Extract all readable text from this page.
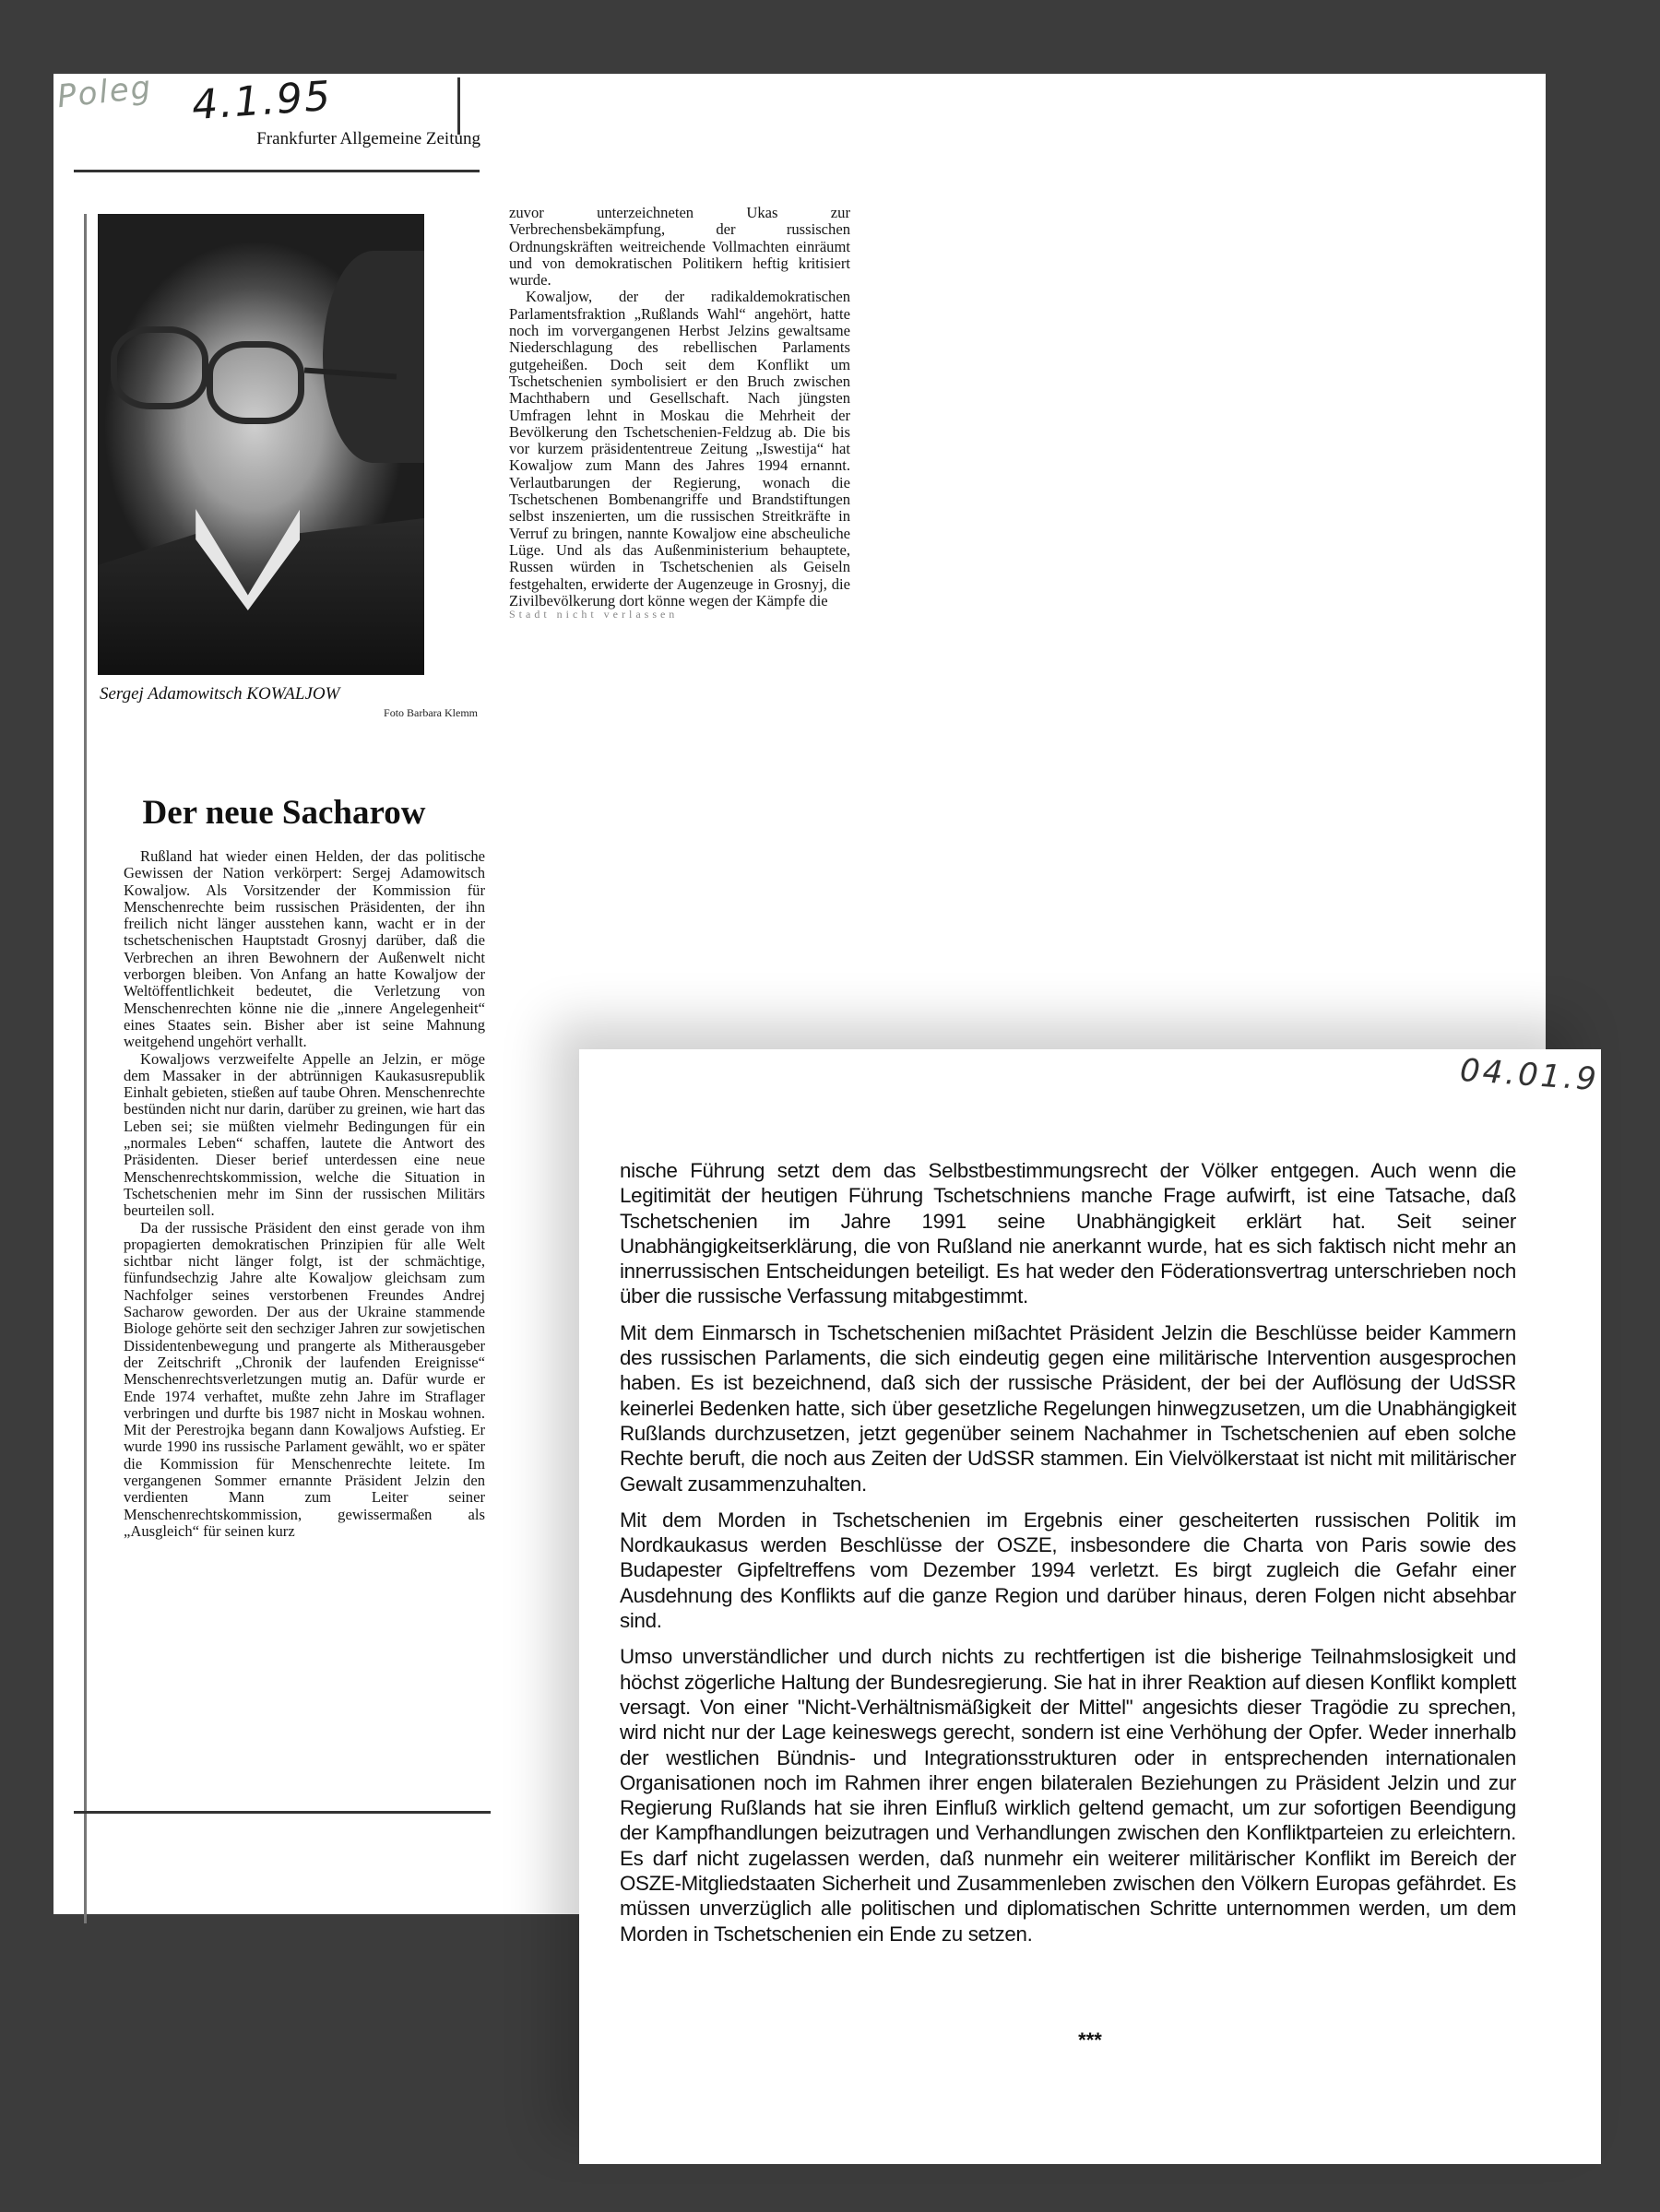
Poleg 4.1.95
Frankfurter Allgemeine Zeitung
Sergej Adamowitsch KOWALJOW
Foto Barbara Klemm
Der neue Sacharow

Rußland hat wieder einen Helden, der das politische Gewissen der Nation verkörpert: Sergej Adamowitsch Kowaljow. Als Vorsitzender der Kommission für Menschenrechte beim russischen Präsidenten, der ihn freilich nicht länger ausstehen kann, wacht er in der tschetschenischen Hauptstadt Grosnyj darüber, daß die Verbrechen an ihren Bewohnern der Außenwelt nicht verborgen bleiben. Von Anfang an hatte Kowaljow der Weltöffentlichkeit bedeutet, die Verletzung von Menschenrechten könne nie die „innere Angelegenheit“ eines Staates sein. Bisher aber ist seine Mahnung weitgehend ungehört verhallt.

Kowaljows verzweifelte Appelle an Jelzin, er möge dem Massaker in der abtrünnigen Kaukasusrepublik Einhalt gebieten, stießen auf taube Ohren. Menschenrechte bestünden nicht nur darin, darüber zu greinen, wie hart das Leben sei; sie müßten vielmehr Bedingungen für ein „normales Leben“ schaffen, lautete die Antwort des Präsidenten. Dieser berief unterdessen eine neue Menschenrechtskommission, welche die Situation in Tschetschenien mehr im Sinn der russischen Militärs beurteilen soll.

Da der russische Präsident den einst gerade von ihm propagierten demokratischen Prinzipien für alle Welt sichtbar nicht länger folgt, ist der schmächtige, fünfundsechzig Jahre alte Kowaljow gleichsam zum Nachfolger seines verstorbenen Freundes Andrej Sacharow geworden. Der aus der Ukraine stammende Biologe gehörte seit den sechziger Jahren zur sowjetischen Dissidentenbewegung und prangerte als Mitherausgeber der Zeitschrift „Chronik der laufenden Ereignisse“ Menschenrechtsverletzungen mutig an. Dafür wurde er Ende 1974 verhaftet, mußte zehn Jahre im Straflager verbringen und durfte bis 1987 nicht in Moskau wohnen. Mit der Perestrojka begann dann Kowaljows Aufstieg. Er wurde 1990 ins russische Parlament gewählt, wo er später die Kommission für Menschenrechte leitete. Im vergangenen Sommer ernannte Präsident Jelzin den verdienten Mann zum Leiter seiner Menschenrechtskommission, gewissermaßen als „Ausgleich“ für seinen kurz

zuvor unterzeichneten Ukas zur Verbrechensbekämpfung, der russischen Ordnungskräften weitreichende Vollmachten einräumt und von demokratischen Politikern heftig kritisiert wurde.

Kowaljow, der der radikaldemokratischen Parlamentsfraktion „Rußlands Wahl“ angehört, hatte noch im vorvergangenen Herbst Jelzins gewaltsame Niederschlagung des rebellischen Parlaments gutgeheißen. Doch seit dem Konflikt um Tschetschenien symbolisiert er den Bruch zwischen Machthabern und Gesellschaft. Nach jüngsten Umfragen lehnt in Moskau die Mehrheit der Bevölkerung den Tschetschenien-Feldzug ab. Die bis vor kurzem präsidententreue Zeitung „Iswestija“ hat Kowaljow zum Mann des Jahres 1994 ernannt. Verlautbarungen der Regierung, wonach die Tschetschenen Bombenangriffe und Brandstiftungen selbst inszenierten, um die russischen Streitkräfte in Verruf zu bringen, nannte Kowaljow eine abscheuliche Lüge. Und als das Außenministerium behauptete, Russen würden in Tschetschenien als Geiseln festgehalten, erwiderte der Augenzeuge in Grosnyj, die Zivilbevölkerung dort könne wegen der Kämpfe die

Stadt nicht verlassen

04.01.9

nische Führung setzt dem das Selbstbestimmungsrecht der Völker entgegen. Auch wenn die Legitimität der heutigen Führung Tschetschniens manche Frage aufwirft, ist eine Tatsache, daß Tschetschenien im Jahre 1991 seine Unabhängigkeit erklärt hat. Seit seiner Unabhängigkeitserklärung, die von Rußland nie anerkannt wurde, hat es sich faktisch nicht mehr an innerrussischen Entscheidungen beteiligt. Es hat weder den Föderationsvertrag unterschrieben noch über die russische Verfassung mitabgestimmt.

Mit dem Einmarsch in Tschetschenien mißachtet Präsident Jelzin die Beschlüsse beider Kammern des russischen Parlaments, die sich eindeutig gegen eine militärische Intervention ausgesprochen haben. Es ist bezeichnend, daß sich der russische Präsident, der bei der Auflösung der UdSSR keinerlei Bedenken hatte, sich über gesetzliche Regelungen hinwegzusetzen, um die Unabhängigkeit Rußlands durchzusetzen, jetzt gegenüber seinem Nachahmer in Tschetschenien auf eben solche Rechte beruft, die noch aus Zeiten der UdSSR stammen. Ein Vielvölkerstaat ist nicht mit militärischer Gewalt zusammenzuhalten.

Mit dem Morden in Tschetschenien im Ergebnis einer gescheiterten russischen Politik im Nordkaukasus werden Beschlüsse der OSZE, insbesondere die Charta von Paris sowie des Budapester Gipfeltreffens vom Dezember 1994 verletzt. Es birgt zugleich die Gefahr einer Ausdehnung des Konflikts auf die ganze Region und darüber hinaus, deren Folgen nicht absehbar sind.

Umso unverständlicher und durch nichts zu rechtfertigen ist die bisherige Teilnahmslosigkeit und höchst zögerliche Haltung der Bundesregierung. Sie hat in ihrer Reaktion auf diesen Konflikt komplett versagt. Von einer "Nicht-Verhältnismäßigkeit der Mittel" angesichts dieser Tragödie zu sprechen, wird nicht nur der Lage keineswegs gerecht, sondern ist eine Verhöhung der Opfer. Weder innerhalb der westlichen Bündnis- und Integrationsstrukturen oder in entsprechenden internationalen Organisationen noch im Rahmen ihrer engen bilateralen Beziehungen zu Präsident Jelzin und zur Regierung Rußlands hat sie ihren Einfluß wirklich geltend gemacht, um zur sofortigen Beendigung der Kampfhandlungen beizutragen und Verhandlungen zwischen den Konfliktparteien zu erleichtern. Es darf nicht zugelassen werden, daß nunmehr ein weiterer militärischer Konflikt im Bereich der OSZE-Mitgliedstaaten Sicherheit und Zusammenleben zwischen den Völkern Europas gefährdet. Es müssen unverzüglich alle politischen und diplomatischen Schritte unternommen werden, um dem Morden in Tschetschenien ein Ende zu setzen.

***
